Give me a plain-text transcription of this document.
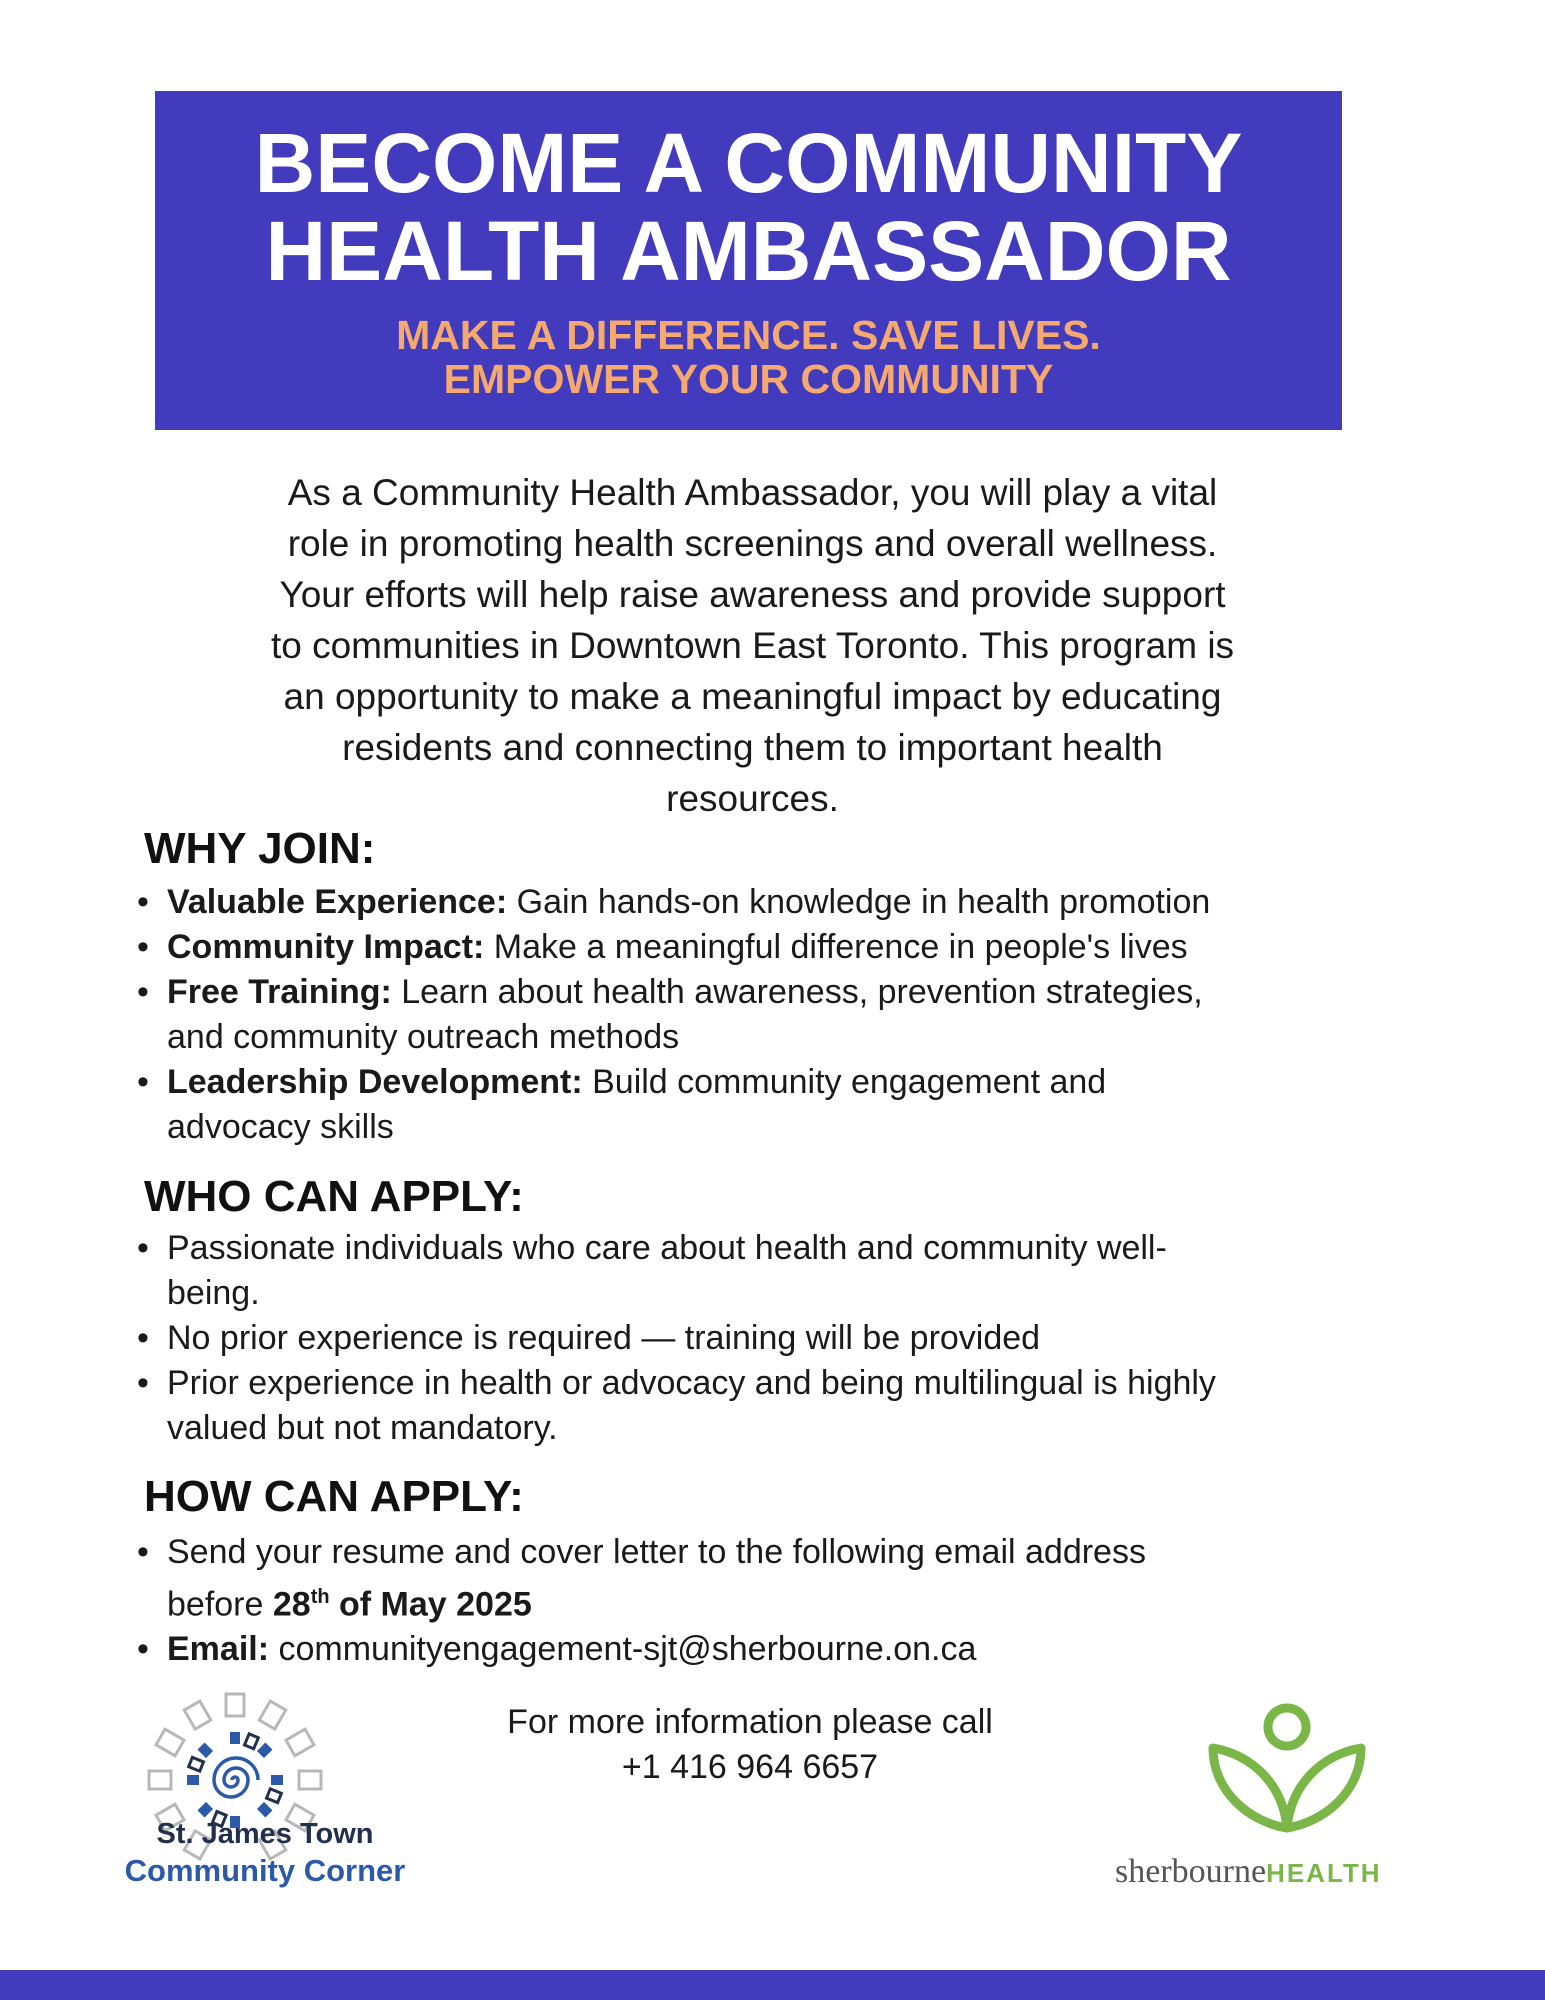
BECOME A COMMUNITY
HEALTH AMBASSADOR
MAKE A DIFFERENCE. SAVE LIVES.
EMPOWER YOUR COMMUNITY
As a Community Health Ambassador, you will play a vital
role in promoting health screenings and overall wellness.
Your efforts will help raise awareness and provide support
to communities in Downtown East Toronto. This program is
an opportunity to make a meaningful impact by educating
residents and connecting them to important health
resources.
WHY JOIN:
• Valuable Experience: Gain hands-on knowledge in health promotion
• Community Impact: Make a meaningful difference in people's lives
• Free Training: Learn about health awareness, prevention strategies,
and community outreach methods
• Leadership Development: Build community engagement and
advocacy skills
WHO CAN APPLY:
• Passionate individuals who care about health and community well-
being.
• No prior experience is required — training will be provided
• Prior experience in health or advocacy and being multilingual is highly
valued but not mandatory.
HOW CAN APPLY:
• Send your resume and cover letter to the following email address
before 28th of May 2025
• Email: communityengagement-sjt@sherbourne.on.ca
For more information please call
+1 416 964 6657
St. James Town
Community Corner	sherbourneHEALTH
